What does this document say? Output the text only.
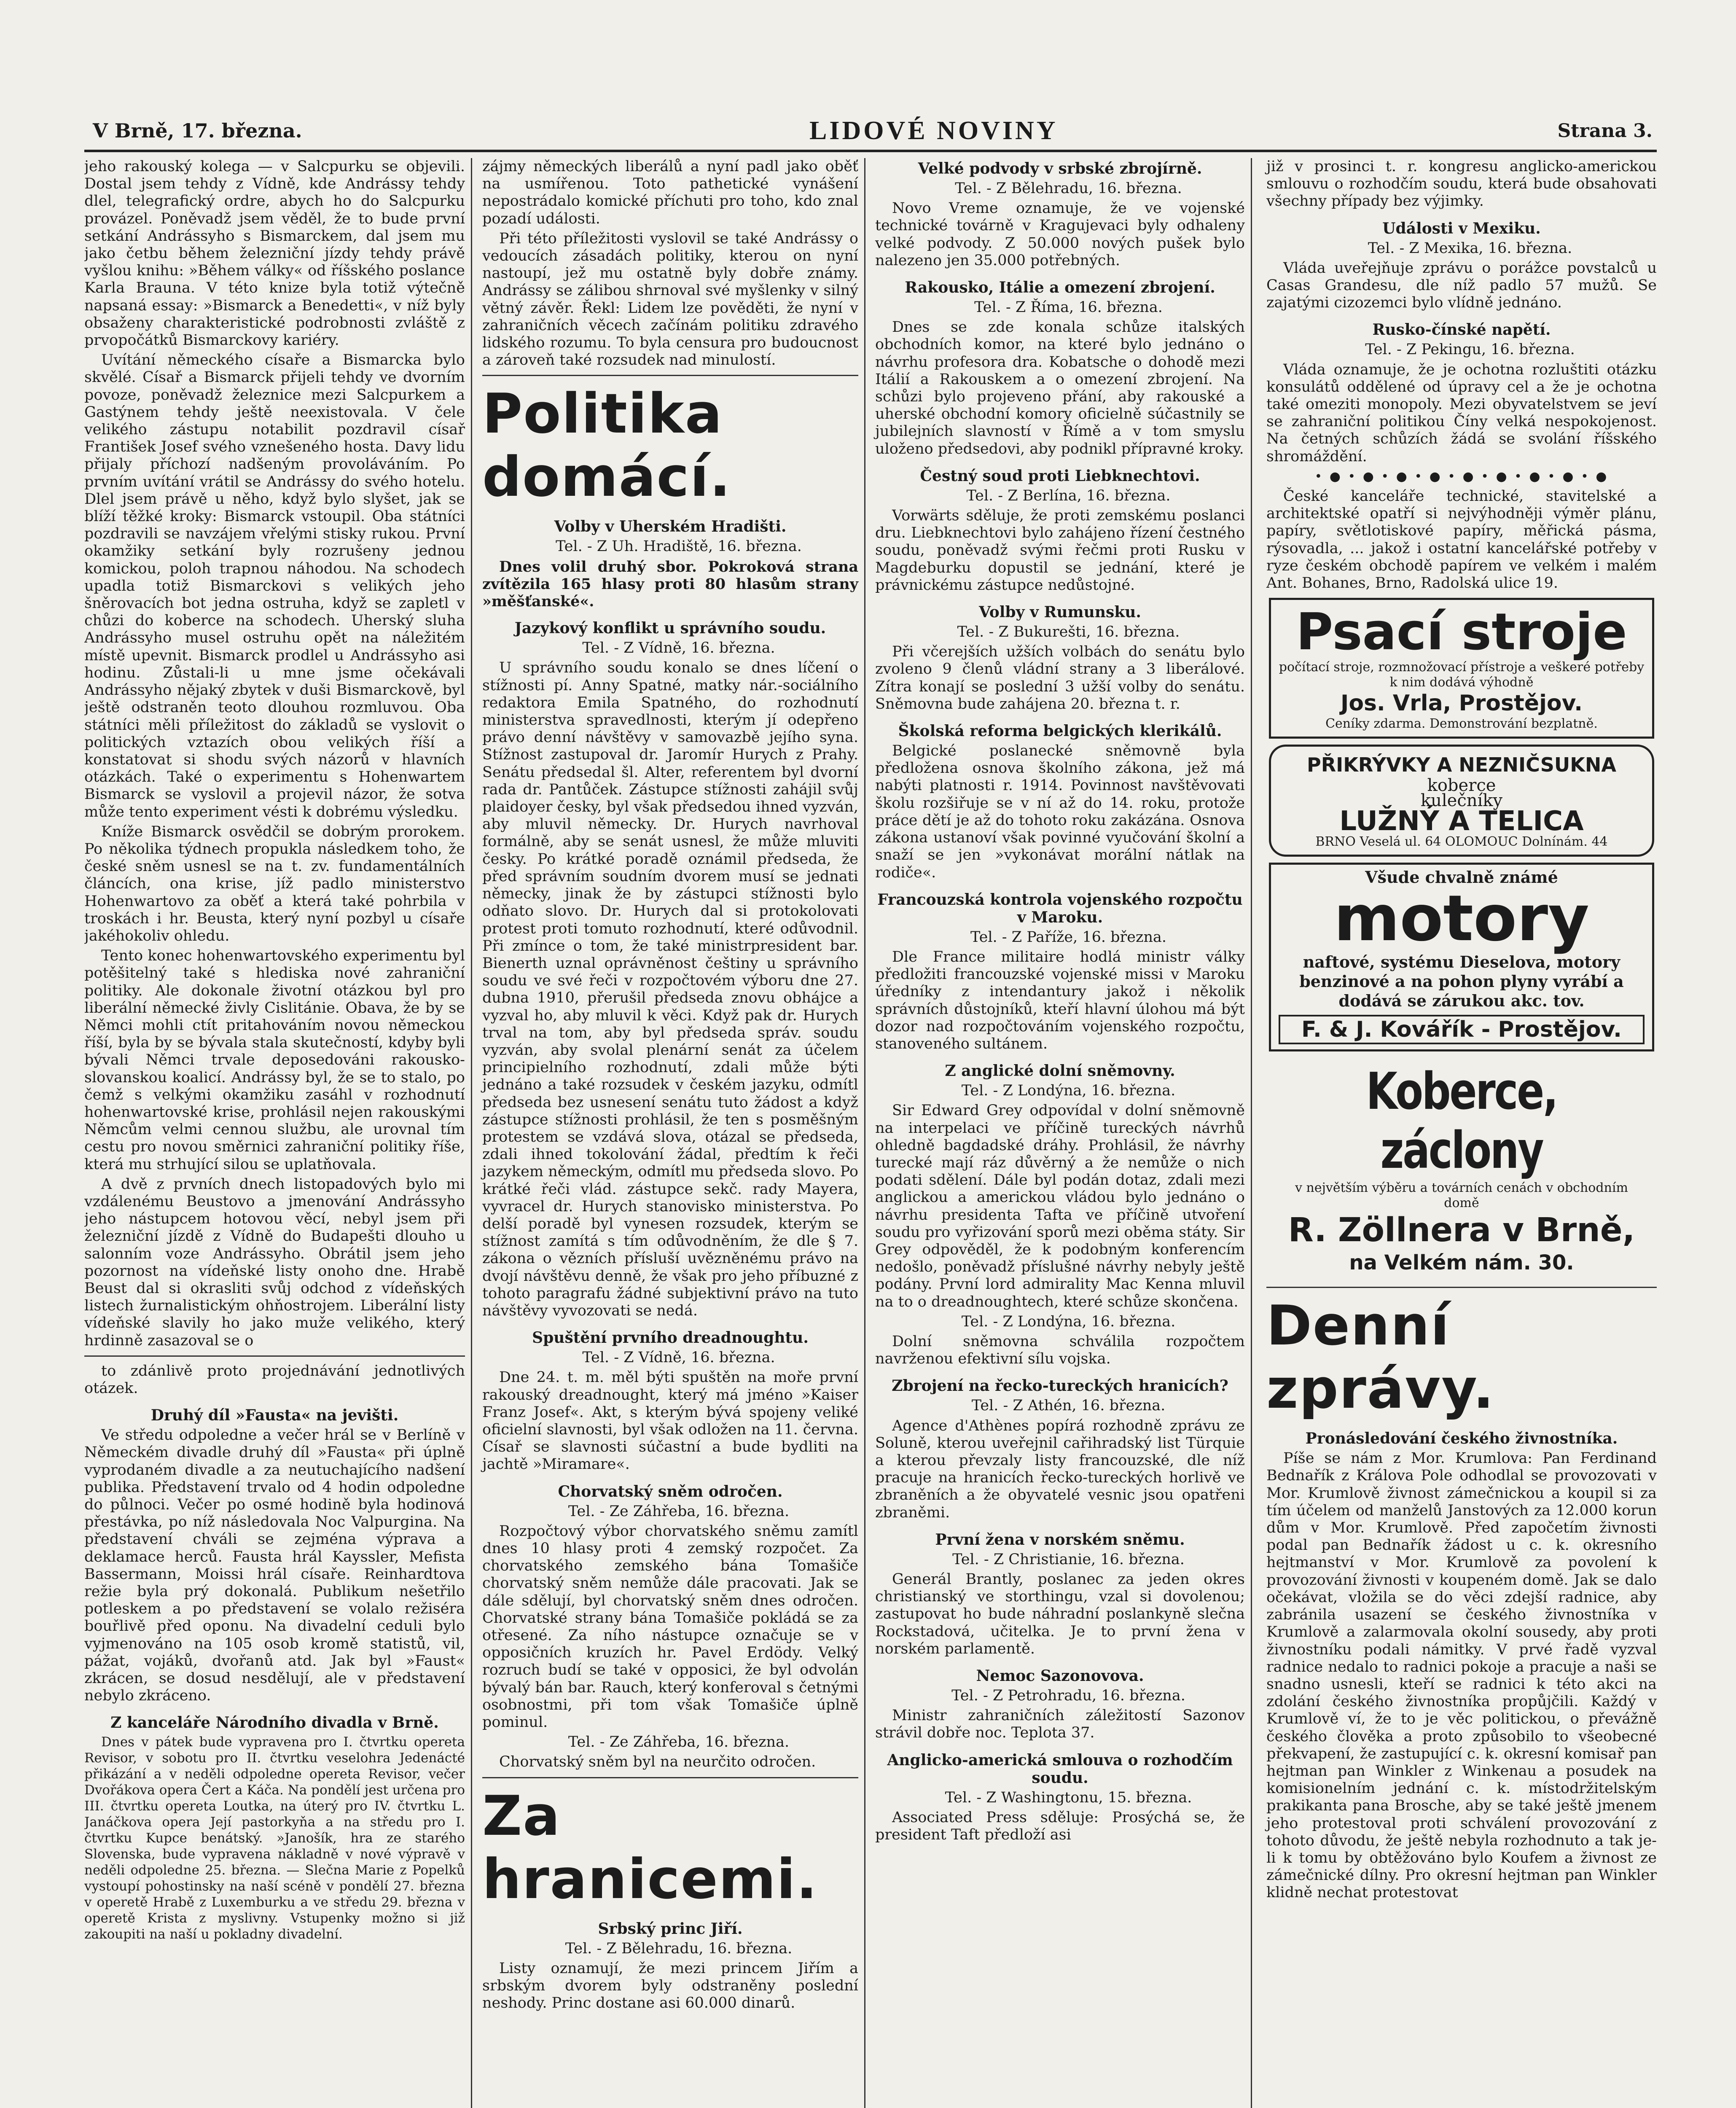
V Brně, 17. března.	LIDOVÉ NOVINY	Strana 3.

jeho rakouský kolega — v Salcpurku se objevili. Dostal jsem tehdy z Vídně, kde Andrássy tehdy dlel, telegrafický ordre, abych ho do Salcpurku provázel. Poněvadž jsem věděl, že to bude první setkání Andrássyho s Bismarckem, dal jsem mu jako četbu během železniční jízdy tehdy právě vyšlou knihu: »Během války« od říšského poslance Karla Brauna. V této knize byla totiž výtečně napsaná essay: »Bismarck a Benedetti«, v níž byly obsaženy charakteristické podrobnosti zvláště z prvopočátků Bismarckovy kariéry.

Uvítání německého císaře a Bismarcka bylo skvělé. Císař a Bismarck přijeli tehdy ve dvorním povoze, poněvadž železnice mezi Salcpurkem a Gastýnem tehdy ještě neexistovala. V čele velikého zástupu notabilit pozdravil císař František Josef svého vznešeného hosta. Davy lidu přijaly příchozí nadšeným provoláváním. Po prvním uvítání vrátil se Andrássy do svého hotelu. Dlel jsem právě u něho, když bylo slyšet, jak se blíží těžké kroky: Bismarck vstoupil. Oba státníci pozdravili se navzájem vřelými stisky rukou. První okamžiky setkání byly rozrušeny jednou komickou, poloh trapnou náhodou. Na schodech upadla totiž Bismarckovi s velikých jeho šněrovacích bot jedna ostruha, když se zapletl v chůzi do koberce na schodech. Uherský sluha Andrássyho musel ostruhu opět na náležitém místě upevnit. Bismarck prodlel u Andrássyho asi hodinu. Zůstali-li u mne jsme očekávali Andrássyho nějaký zbytek v duši Bismarckově, byl ještě odstraněn teoto dlouhou rozmluvou. Oba státníci měli příležitost do základů se vyslovit o politických vztazích obou velikých říší a konstatovat si shodu svých názorů v hlavních otázkách. Také o experimentu s Hohenwartem Bismarck se vyslovil a projevil názor, že sotva může tento experiment vésti k dobrému výsledku.

Kníže Bismarck osvědčil se dobrým prorokem. Po několika týdnech propukla následkem toho, že české sněm usnesl se na t. zv. fundamentálních článcích, ona krise, jíž padlo ministerstvo Hohenwartovo za oběť a která také pohrbila v troskách i hr. Beusta, který nyní pozbyl u císaře jakéhokoliv ohledu.

Tento konec hohenwartovského experimentu byl potěšitelný také s hlediska nové zahraniční politiky. Ale dokonale životní otázkou byl pro liberální německé živly Cislitánie. Obava, že by se Němci mohli ctít pritahováním novou německou říší, byla by se bývala stala skutečností, kdyby byli bývali Němci trvale deposedováni rakousko-slovanskou koalicí. Andrássy byl, že se to stalo, po čemž s velkými okamžiku zasáhl v rozhodnutí hohenwartovské krise, prohlásil nejen rakouskými Němcům velmi cennou službu, ale urovnal tím cestu pro novou směrnici zahraniční politiky říše, která mu strhující silou se uplatňovala.

A dvě z prvních dnech listopadových bylo mi vzdálenému Beustovo a jmenování Andrássyho jeho nástupcem hotovou věcí, nebyl jsem při železniční jízdě z Vídně do Budapešti dlouho u salonním voze Andrássyho. Obrátil jsem jeho pozornost na vídeňské listy onoho dne. Hrabě Beust dal si okrasliti svůj odchod z vídeňských listech žurnalistickým ohňostrojem. Liberální listy vídeňské slavily ho jako muže velikého, který hrdinně zasazoval se o

to zdánlivě proto projednávání jednotlivých otázek.

Druhý díl »Fausta« na jevišti.

Ve středu odpoledne a večer hrál se v Berlíně v Německém divadle druhý díl »Fausta« při úplně vyprodaném divadle a za neutuchajícího nadšení publika. Představení trvalo od 4 hodin odpoledne do půlnoci. Večer po osmé hodině byla hodinová přestávka, po níž následovala Noc Valpurgina. Na představení chváli se zejména výprava a deklamace herců. Fausta hrál Kayssler, Mefista Bassermann, Moissi hrál císaře. Reinhardtova režie byla prý dokonalá. Publikum nešetřilo potleskem a po představení se volalo režiséra bouřlivě před oponu. Na divadelní ceduli bylo vyjmenováno na 105 osob kromě statistů, vil, pážat, vojáků, dvořanů atd. Jak byl »Faust« zkrácen, se dosud nesdělují, ale v představení nebylo zkráceno.

Z kanceláře Národního divadla v Brně.

Dnes v pátek bude vypravena pro I. čtvrtku opereta Revisor, v sobotu pro II. čtvrtku veselohra Jedenácté přikázání a v neděli odpoledne opereta Revisor, večer Dvořákova opera Čert a Káča. Na pondělí jest určena pro III. čtvrtku opereta Loutka, na úterý pro IV. čtvrtku L. Janáčkova opera Její pastorkyňa a na středu pro I. čtvrtku Kupce benátský. »Janošík, hra ze starého Slovenska, bude vypravena nákladně v nové výpravě v neděli odpoledne 25. března. — Slečna Marie z Popelků vystoupí pohostinsky na naší scéně v pondělí 27. března v operetě Hrabě z Luxemburku a ve středu 29. března v operetě Krista z myslivny. Vstupenky možno si již zakoupiti na naší u pokladny divadelní.

zájmy německých liberálů a nyní padl jako oběť na usmířenou. Toto pathetické vynášení nepostrádalo komické příchuti pro toho, kdo znal pozadí události.

Při této příležitosti vyslovil se také Andrássy o vedoucích zásadách politiky, kterou on nyní nastoupí, jež mu ostatně byly dobře známy. Andrássy se zálibou shrnoval své myšlenky v silný větný závěr. Řekl: Lidem lze pověděti, že nyní v zahraničních věcech začínám politiku zdravého lidského rozumu. To byla censura pro budoucnost a zároveň také rozsudek nad minulostí.

Politika domácí.
Volby v Uherském Hradišti.

Tel. - Z Uh. Hradiště, 16. března.

Dnes volil druhý sbor. Pokroková strana zvítězila 165 hlasy proti 80 hlasům strany »měšťanské«.

Jazykový konflikt u správního soudu.

Tel. - Z Vídně, 16. března.

U správního soudu konalo se dnes líčení o stížnosti pí. Anny Spatné, matky nár.-sociálního redaktora Emila Spatného, do rozhodnutí ministerstva spravedlnosti, kterým jí odepřeno právo denní návštěvy v samovazbě jejího syna. Stížnost zastupoval dr. Jaromír Hurych z Prahy. Senátu předsedal šl. Alter, referentem byl dvorní rada dr. Pantůček. Zástupce stížnosti zahájil svůj plaidoyer česky, byl však předsedou ihned vyzván, aby mluvil německy. Dr. Hurych navrhoval formálně, aby se senát usnesl, že může mluviti česky. Po krátké poradě oznámil předseda, že před správním soudním dvorem musí se jednati německy, jinak že by zástupci stížnosti bylo odňato slovo. Dr. Hurych dal si protokolovati protest proti tomuto rozhodnutí, které odůvodnil. Při zmínce o tom, že také ministrpresident bar. Bienerth uznal oprávněnost češtiny u správního soudu ve své řeči v rozpočtovém výboru dne 27. dubna 1910, přerušil předseda znovu obhájce a vyzval ho, aby mluvil k věci. Když pak dr. Hurych trval na tom, aby byl předseda správ. soudu vyzván, aby svolal plenární senát za účelem principielního rozhodnutí, zdali může býti jednáno a také rozsudek v českém jazyku, odmítl předseda bez usnesení senátu tuto žádost a když zástupce stížnosti prohlásil, že ten s posměšným protestem se vzdává slova, otázal se předseda, zdali ihned tokolování žádal, předtím k řeči jazykem německým, odmítl mu předseda slovo. Po krátké řeči vlád. zástupce sekč. rady Mayera, vyvracel dr. Hurych stanovisko ministerstva. Po delší poradě byl vynesen rozsudek, kterým se stížnost zamítá s tím odůvodněním, že dle § 7. zákona o vězních přísluší uvězněnému právo na dvojí návštěvu denně, že však pro jeho příbuzné z tohoto paragrafu žádné subjektivní právo na tuto návštěvy vyvozovati se nedá.

Spuštění prvního dreadnoughtu.

Tel. - Z Vídně, 16. března.

Dne 24. t. m. měl býti spuštěn na moře první rakouský dreadnought, který má jméno »Kaiser Franz Josef«. Akt, s kterým bývá spojeny veliké oficielní slavnosti, byl však odložen na 11. června. Císař se slavnosti súčastní a bude bydliti na jachtě »Miramare«.

Chorvatský sněm odročen.

Tel. - Ze Záhřeba, 16. března.

Rozpočtový výbor chorvatského sněmu zamítl dnes 10 hlasy proti 4 zemský rozpočet. Za chorvatského zemského bána Tomašiče chorvatský sněm nemůže dále pracovati. Jak se dále sdělují, byl chorvatský sněm dnes odročen. Chorvatské strany bána Tomašiče pokládá se za otřesené. Za ního nástupce označuje se v opposičních kruzích hr. Pavel Erdödy. Velký rozruch budí se také v opposici, že byl odvolán bývalý bán bar. Rauch, který konferoval s četnými osobnostmi, při tom však Tomašiče úplně pominul.

Tel. - Ze Záhřeba, 16. března.

Chorvatský sněm byl na neurčito odročen.

Za hranicemi.
Srbský princ Jiří.

Tel. - Z Bělehradu, 16. března.

Listy oznamují, že mezi princem Jiřím a srbským dvorem byly odstraněny poslední neshody. Princ dostane asi 60.000 dinarů.

Velké podvody v srbské zbrojírně.

Tel. - Z Bělehradu, 16. března.

Novo Vreme oznamuje, že ve vojenské technické továrně v Kragujevaci byly odhaleny velké podvody. Z 50.000 nových pušek bylo nalezeno jen 35.000 potřebných.

Rakousko, Itálie a omezení zbrojení.

Tel. - Z Říma, 16. března.

Dnes se zde konala schůze italských obchodních komor, na které bylo jednáno o návrhu profesora dra. Kobatsche o dohodě mezi Itálií a Rakouskem a o omezení zbrojení. Na schůzi bylo projeveno přání, aby rakouské a uherské obchodní komory oficielně súčastnily se jubilejních slavností v Římě a v tom smyslu uloženo předsedovi, aby podnikl přípravné kroky.

Čestný soud proti Liebknechtovi.

Tel. - Z Berlína, 16. března.

Vorwärts sděluje, že proti zemskému poslanci dru. Liebknechtovi bylo zahájeno řízení čestného soudu, poněvadž svými řečmi proti Rusku v Magdeburku dopustil se jednání, které je právnickému zástupce nedůstojné.

Volby v Rumunsku.

Tel. - Z Bukurešti, 16. března.

Při včerejších užších volbách do senátu bylo zvoleno 9 členů vládní strany a 3 liberálové. Zítra konají se poslední 3 užší volby do senátu. Sněmovna bude zahájena 20. března t. r.

Školská reforma belgických klerikálů.

Belgické poslanecké sněmovně byla předložena osnova školního zákona, jež má nabýti platnosti r. 1914. Povinnost navštěvovati školu rozšiřuje se v ní až do 14. roku, protože práce dětí je až do tohoto roku zakázána. Osnova zákona ustanoví však povinné vyučování školní a snaží se jen »vykonávat morální nátlak na rodiče«.

Francouzská kontrola vojenského rozpočtu v Maroku.

Tel. - Z Paříže, 16. března.

Dle France militaire hodlá ministr války předložiti francouzské vojenské missi v Maroku úředníky z intendantury jakož i několik správních důstojníků, kteří hlavní úlohou má být dozor nad rozpočtováním vojenského rozpočtu, stanoveného sultánem.

Z anglické dolní sněmovny.

Tel. - Z Londýna, 16. března.

Sir Edward Grey odpovídal v dolní sněmovně na interpelaci ve příčině tureckých návrhů ohledně bagdadské dráhy. Prohlásil, že návrhy turecké mají ráz důvěrný a že nemůže o nich podati sdělení. Dále byl podán dotaz, zdali mezi anglickou a americkou vládou bylo jednáno o návrhu presidenta Tafta ve příčině utvoření soudu pro vyřizování sporů mezi oběma státy. Sir Grey odpověděl, že k podobným konferencím nedošlo, poněvadž příslušné návrhy nebyly ještě podány. První lord admirality Mac Kenna mluvil na to o dreadnoughtech, které schůze skončena.

Tel. - Z Londýna, 16. března.

Dolní sněmovna schválila rozpočtem navrženou efektivní sílu vojska.

Zbrojení na řecko-tureckých hranicích?

Tel. - Z Athén, 16. března.

Agence d'Athènes popírá rozhodně zprávu ze Soluně, kterou uveřejnil cařihradský list Türquie a kterou převzaly listy francouzské, dle níž pracuje na hranicích řecko-tureckých horlivě ve zbraněních a že obyvatelé vesnic jsou opatřeni zbraněmi.

První žena v norském sněmu.

Tel. - Z Christianie, 16. března.

Generál Brantly, poslanec za jeden okres christianský ve storthingu, vzal si dovolenou; zastupovat ho bude náhradní poslankyně slečna Rockstadová, učitelka. Je to první žena v norském parlamentě.

Nemoc Sazonovova.

Tel. - Z Petrohradu, 16. března.

Ministr zahraničních záležitostí Sazonov strávil dobře noc. Teplota 37.

Anglicko-americká smlouva o rozhodčím soudu.

Tel. - Z Washingtonu, 15. března.

Associated Press sděluje: Prosýchá se, že president Taft předloží asi

již v prosinci t. r. kongresu anglicko-americkou smlouvu o rozhodčím soudu, která bude obsahovati všechny případy bez výjimky.

Události v Mexiku.

Tel. - Z Mexika, 16. března.

Vláda uveřejňuje zprávu o porážce povstalců u Casas Grandesu, dle níž padlo 57 mužů. Se zajatými cizozemci bylo vlídně jednáno.

Rusko-čínské napětí.

Tel. - Z Pekingu, 16. března.

Vláda oznamuje, že je ochotna rozluštiti otázku konsulátů oddělené od úpravy cel a že je ochotna také omeziti monopoly. Mezi obyvatelstvem se jeví se zahraniční politikou Číny velká nespokojenost. Na četných schůzích žádá se svolání říšského shromáždění.

• ● • ● • ● • ● • ● • ● • ● • ● • ●

České kanceláře technické, stavitelské a architektské opatří si nejvýhodněji výměr plánu, papíry, světlotiskové papíry, měřická pásma, rýsovadla, ... jakož i ostatní kancelářské potřeby v ryze českém obchodě papírem ve velkém i malém Ant. Bohanes, Brno, Radolská ulice 19.

Psací stroje
počítací stroje, rozmnožovací přístroje a veškeré potřeby k nim dodává výhodně
Jos. Vrla, Prostějov.
Ceníky zdarma. Demonstrování bezplatně.
PŘIKRÝVKY A NEZNIČSUKNA
koberce
kulečníky
LUŽNÝ A TELICA
BRNO Veselá ul. 64 OLOMOUC Dolnínám. 44
Všude chvalně známé
motory
naftové, systému Dieselova, motory benzinové a na pohon plyny vyrábí a dodává se zárukou akc. tov.
F. & J. Kovářík - Prostějov.
Koberce, záclony
v největším výběru a továrních cenách v obchodním domě
R. Zöllnera v Brně,
na Velkém nám. 30.
Denní zprávy.
Pronásledování českého živnostníka.

Píše se nám z Mor. Krumlova: Pan Ferdinand Bednařík z Králova Pole odhodlal se provozovati v Mor. Krumlově živnost zámečnickou a koupil si za tím účelem od manželů Janstových za 12.000 korun dům v Mor. Krumlově. Před započetím živnosti podal pan Bednařík žádost u c. k. okresního hejtmanství v Mor. Krumlově za povolení k provozování živnosti v koupeném domě. Jak se dalo očekávat, vložila se do věci zdejší radnice, aby zabránila usazení se českého živnostníka v Krumlově a zalarmovala okolní sousedy, aby proti živnostníku podali námitky. V prvé řadě vyzval radnice nedalo to radnici pokoje a pracuje a naši se snadno usnesli, kteří se radnici k této akci na zdolání českého živnostníka propůjčili. Každý v Krumlově ví, že to je věc politickou, o převážně českého člověka a proto způsobilo to všeobecné překvapení, že zastupující c. k. okresní komisař pan hejtman pan Winkler z Winkenau a posudek na komisionelním jednání c. k. místodržitelským prakikanta pana Brosche, aby se také ještě jmenem jeho protestoval proti schválení provozování z tohoto důvodu, že ještě nebyla rozhodnuto a tak je-li k tomu by obtěžováno bylo Koufem a živnost ze zámečnické dílny. Pro okresní hejtman pan Winkler klidně nechat protestovat
